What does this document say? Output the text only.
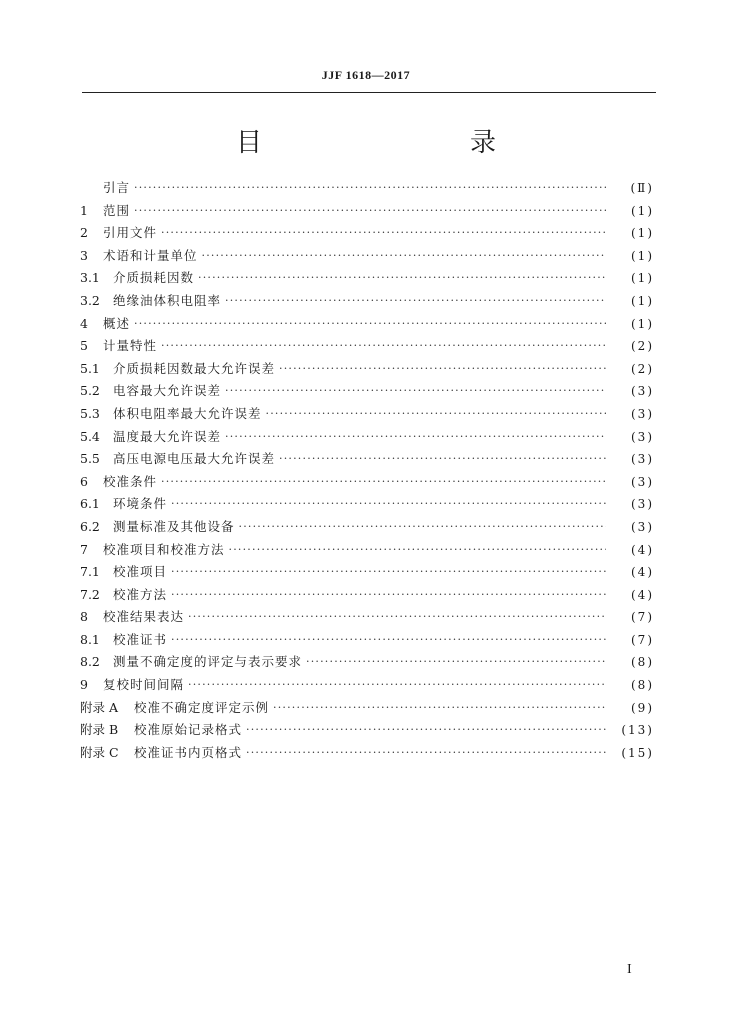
JJF 1618—2017
目　　录
引言 ·····	(Ⅱ)
1	范围 ·····	(1)
2	引用文件 ·····	(1)
3	术语和计量单位 ·····	(1)
3.1	介质损耗因数 ·····	(1)
3.2	绝缘油体积电阻率 ·····	(1)
4	概述 ·····	(1)
5	计量特性 ·····	(2)
5.1	介质损耗因数最大允许误差 ·····	(2)
5.2	电容最大允许误差 ·····	(3)
5.3	体积电阻率最大允许误差 ·····	(3)
5.4	温度最大允许误差 ·····	(3)
5.5	高压电源电压最大允许误差 ·····	(3)
6	校准条件 ·····	(3)
6.1	环境条件 ·····	(3)
6.2	测量标准及其他设备 ·····	(3)
7	校准项目和校准方法 ·····	(4)
7.1	校准项目 ·····	(4)
7.2	校准方法 ·····	(4)
8	校准结果表达 ·····	(7)
8.1	校准证书 ·····	(7)
8.2	测量不确定度的评定与表示要求 ·····	(8)
9	复校时间间隔 ·····	(8)
附录 A	校准不确定度评定示例 ·····	(9)
附录 B	校准原始记录格式 ·····	(13)
附录 C	校准证书内页格式 ·····	(15)
I
